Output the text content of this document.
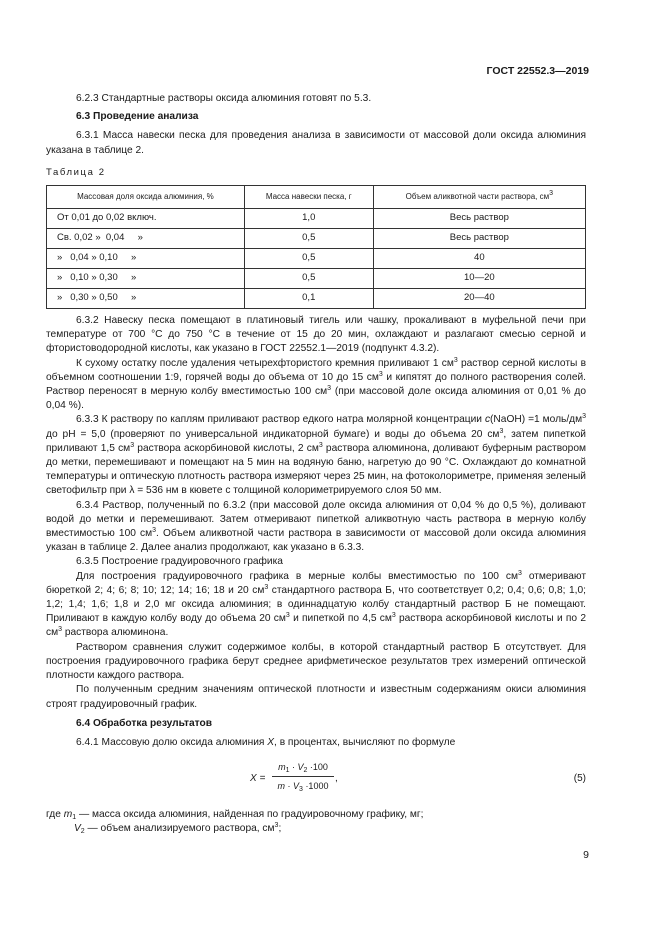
ГОСТ 22552.3—2019

6.2.3 Стандартные растворы оксида алюминия готовят по 5.3.

6.3 Проведение анализа

6.3.1 Масса навески песка для проведения анализа в зависимости от массовой доли оксида алюминия указана в таблице 2.

Таблица 2
Массовая доля оксида алюминия, %	Масса навески песка, г	Объем аликвотной части раствора, $см^3$
От 0,01 до 0,02 включ.	1,0	Весь раствор
Св. 0,02 »  0,04     »	0,5	Весь раствор
»   0,04 » 0,10     »	0,5	40
»   0,10 » 0,30     »	0,5	10—20
»   0,30 » 0,50     »	0,1	20—40

6.3.2 Навеску песка помещают в платиновый тигель или чашку, прокаливают в муфельной печи при температуре от 700 °С до 750 °С в течение от 15 до 20 мин, охлаждают и разлагают смесью серной и фтористоводородной кислоты, как указано в ГОСТ 22552.1—2019 (подпункт 4.3.2).

К сухому остатку после удаления четырехфтористого кремния приливают 1 $см^3$ раствор серной кислоты в объемном соотношении 1:9, горячей воды до объема от 10 до 15 $см^3$ и кипятят до полного растворения солей. Раствор переносят в мерную колбу вместимостью 100 $см^3$ (при массовой доле оксида алюминия от 0,01 % до 0,04 %).

6.3.3 К раствору по каплям приливают раствор едкого натра молярной концентрации c(NaOH) =1 моль/$дм^3$ до pH = 5,0 (проверяют по универсальной индикаторной бумаге) и воды до объема 20 $см^3$, затем пипеткой приливают 1,5 $см^3$ раствора аскорбиновой кислоты, 2 $см^3$ раствора алюминона, доливают буферным раствором до метки, перемешивают и помещают на 5 мин на водяную баню, нагретую до 90 °С. Охлаждают до комнатной температуры и оптическую плотность раствора измеряют через 25 мин, на фотоколориметре, применяя зеленый светофильтр при λ = 536 нм в кювете с толщиной колориметрируемого слоя 50 мм.

6.3.4 Раствор, полученный по 6.3.2 (при массовой доле оксида алюминия от 0,04 % до 0,5 %), доливают водой до метки и перемешивают. Затем отмеривают пипеткой аликвотную часть раствора в мерную колбу вместимостью 100 $см^3$. Объем аликвотной части раствора в зависимости от массовой доли оксида алюминия указан в таблице 2. Далее анализ продолжают, как указано в 6.3.3.

6.3.5 Построение градуировочного графика

Для построения градуировочного графика в мерные колбы вместимостью по 100 $см^3$ отмеривают бюреткой 2; 4; 6; 8; 10; 12; 14; 16; 18 и 20 $см^3$ стандартного раствора Б, что соответствует 0,2; 0,4; 0,6; 0,8; 1,0; 1,2; 1,4; 1,6; 1,8 и 2,0 мг оксида алюминия; в одиннадцатую колбу стандартный раствор Б не помещают. Приливают в каждую колбу воду до объема 20 $см^3$ и пипеткой по 4,5 $см^3$ раствора аскорбиновой кислоты и по 2 $см^3$ раствора алюминона.

Раствором сравнения служит содержимое колбы, в которой стандартный раствор Б отсутствует. Для построения градуировочного графика берут среднее арифметическое результатов трех измерений оптической плотности каждого раствора.

По полученным средним значениям оптической плотности и известным содержаниям окиси алюминия строят градуировочный график.

6.4 Обработка результатов

6.4.1 Массовую долю оксида алюминия X, в процентах, вычисляют по формуле

$X = \frac{m_1 \cdot V_2 \cdot 100}{m \cdot V_3 \cdot 1000}$ ,	(5)

где $m_1$ — масса оксида алюминия, найденная по градуировочному графику, мг;

$V_2$ — объем анализируемого раствора, $см^3$;

9
